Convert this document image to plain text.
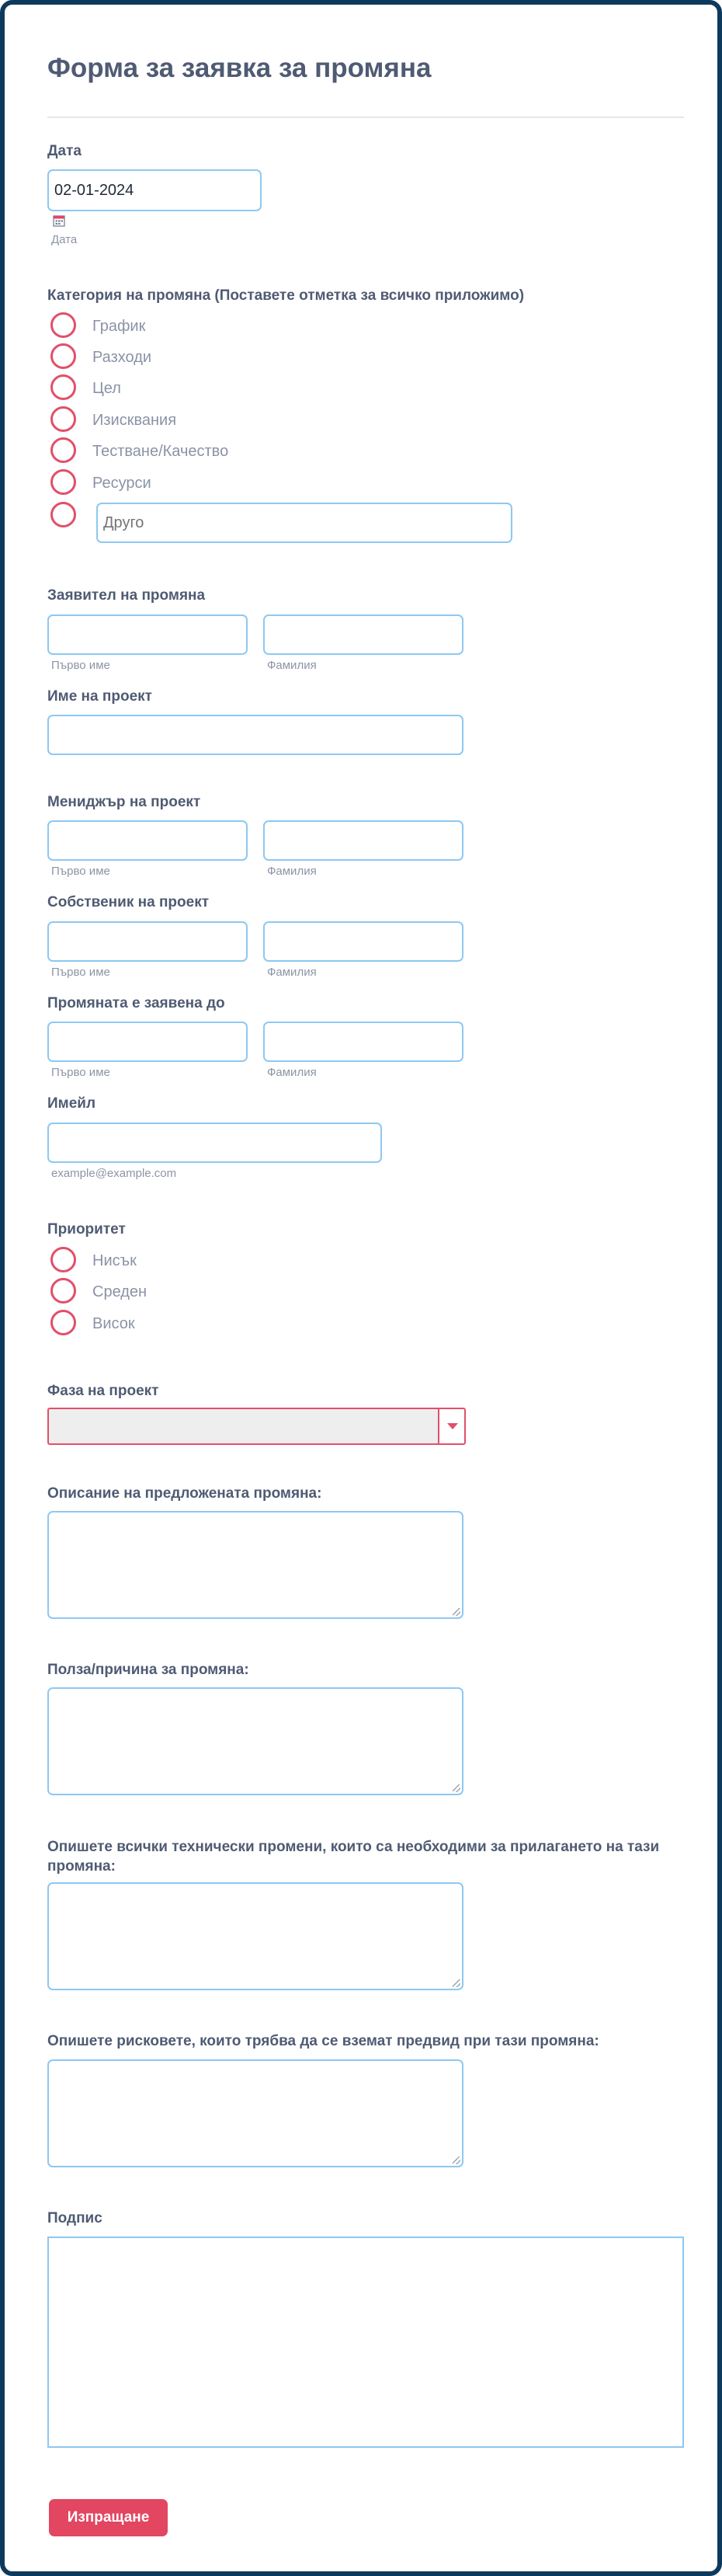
Форма за заявка за промяна
Дата
02-01-2024
Дата
Категория на промяна (Поставете отметка за всичко приложимо)
График
Разходи
Цел
Изисквания
Тестване/Качество
Ресурси
Друго
Заявител на промяна
Първо име	Фамилия
Име на проект
Мениджър на проект
Първо име	Фамилия
Собственик на проект
Първо име	Фамилия
Промяната е заявена до
Първо име	Фамилия
Имейл
example@example.com
Приоритет
Нисък
Среден
Висок
Фаза на проект
Описание на предложената промяна:
Полза/причина за промяна:
Опишете всички технически промени, които са необходими за прилагането на тази промяна:
Опишете рисковете, които трябва да се вземат предвид при тази промяна:
Подпис
Изпращане
